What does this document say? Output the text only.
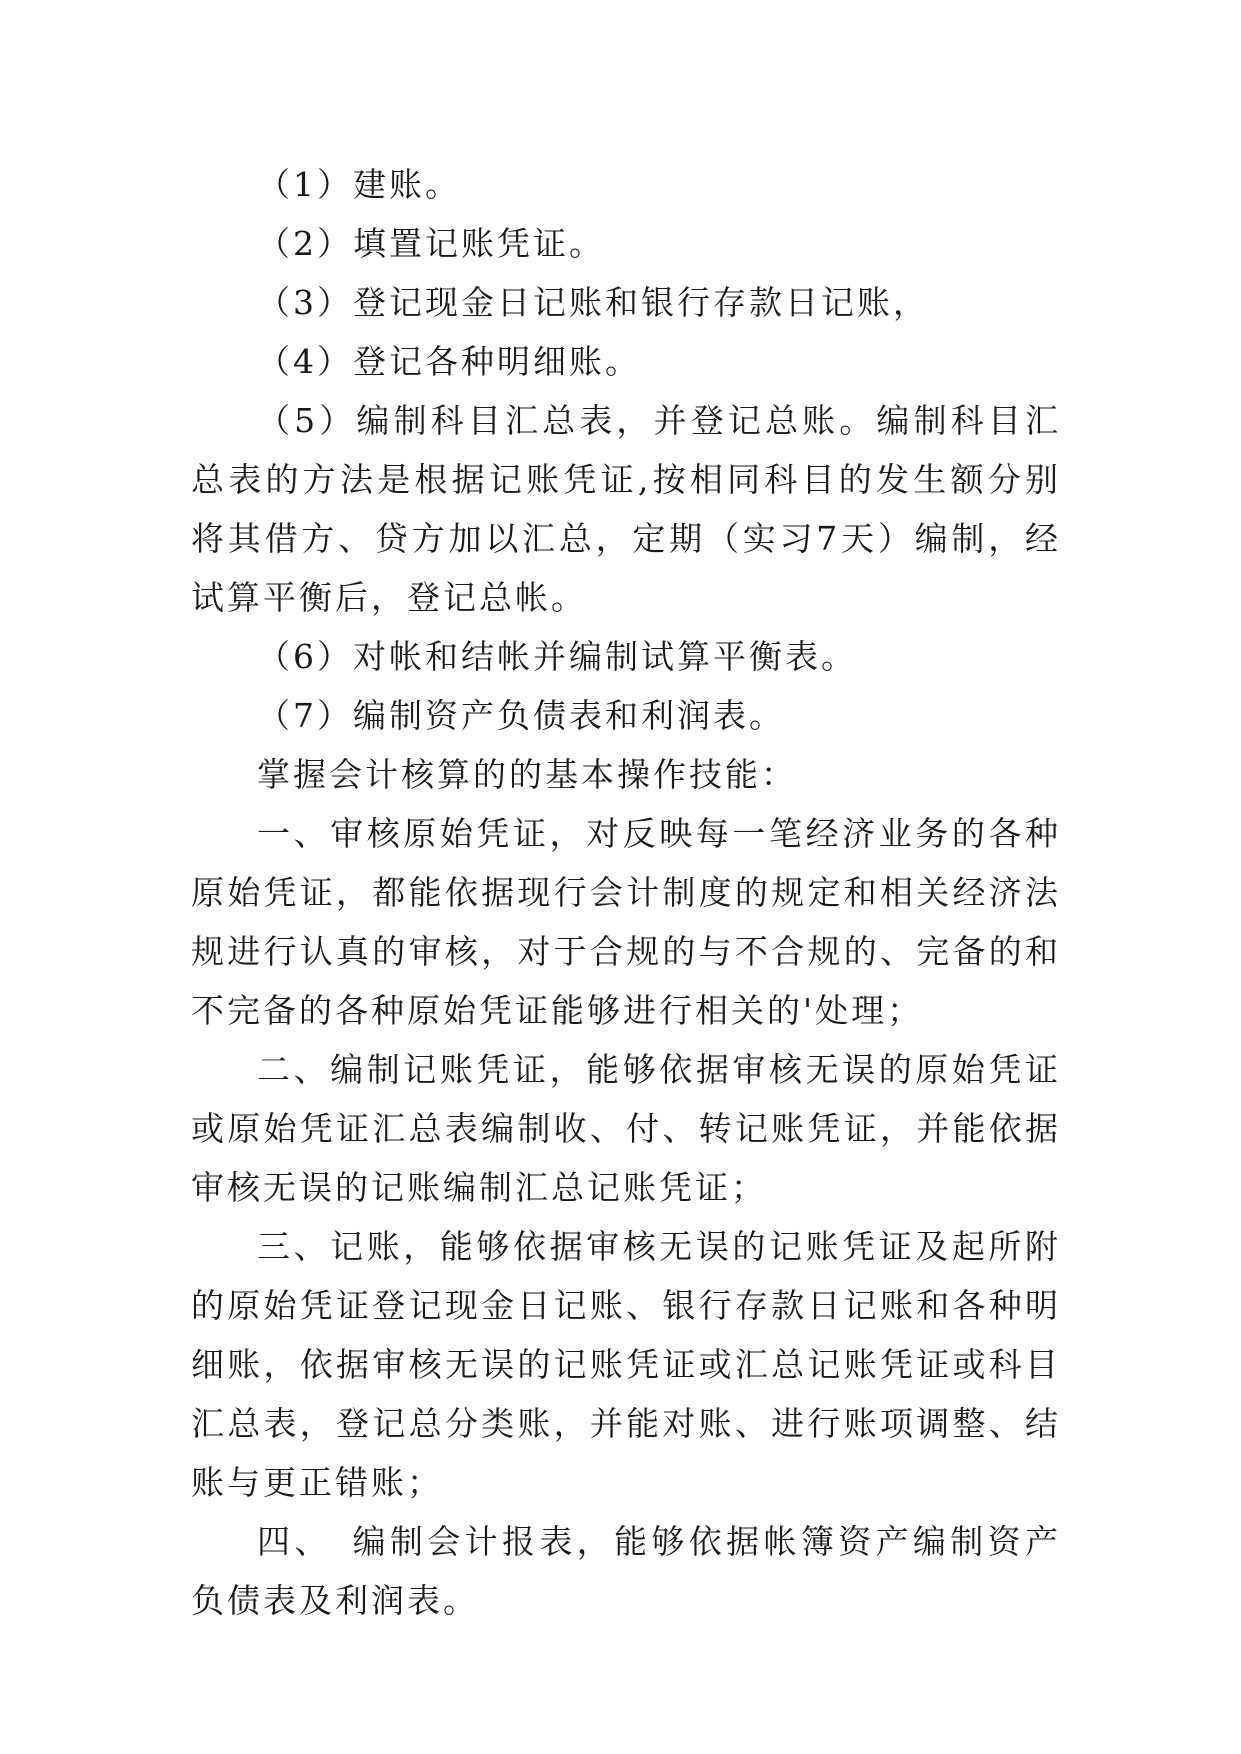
（1）建账。

（2）填置记账凭证。

（3）登记现金日记账和银行存款日记账，

（4）登记各种明细账。

（5）编制科目汇总表，并登记总账。编制科目汇总表的方法是根据记账凭证,按相同科目的发生额分别将其借方、贷方加以汇总，定期（实习7天）编制，经试算平衡后，登记总帐。

（6）对帐和结帐并编制试算平衡表。

（7）编制资产负债表和利润表。

掌握会计核算的的基本操作技能：

一、审核原始凭证，对反映每一笔经济业务的各种原始凭证，都能依据现行会计制度的规定和相关经济法规进行认真的审核，对于合规的与不合规的、完备的和不完备的各种原始凭证能够进行相关的'处理；

二、编制记账凭证，能够依据审核无误的原始凭证或原始凭证汇总表编制收、付、转记账凭证，并能依据审核无误的记账编制汇总记账凭证；

三、记账，能够依据审核无误的记账凭证及起所附的原始凭证登记现金日记账、银行存款日记账和各种明细账，依据审核无误的记账凭证或汇总记账凭证或科目汇总表，登记总分类账，并能对账、进行账项调整、结账与更正错账；

四、　编制会计报表，能够依据帐簿资产编制资产负债表及利润表。
